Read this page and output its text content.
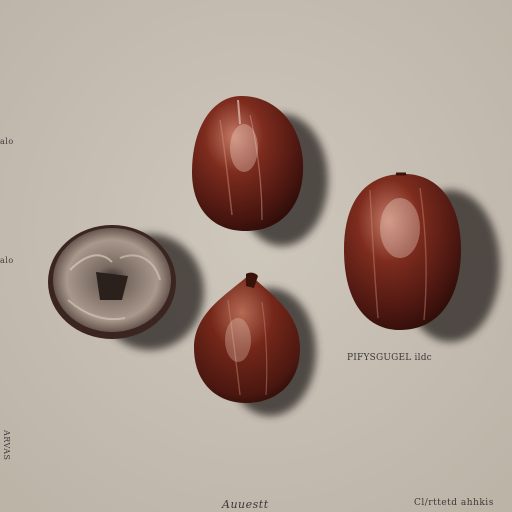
alo
alo
PIFYSGUGEL ildc
ARVAS
Auuestt	Cl/rttetd ahhkis
